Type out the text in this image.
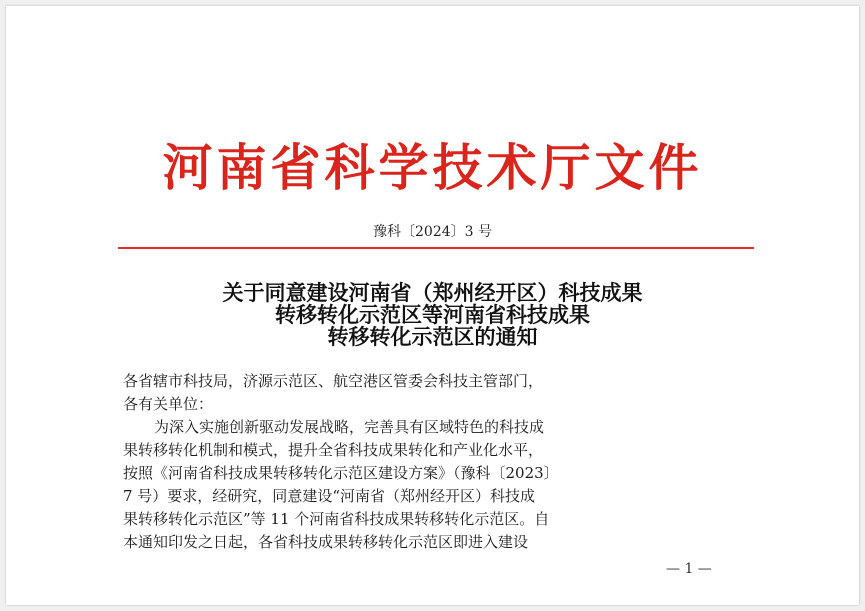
河南省科学技术厅文件
豫科〔2024〕3 号
关于同意建设河南省（郑州经开区）科技成果
转移转化示范区等河南省科技成果
转移转化示范区的通知
各省辖市科技局，济源示范区、航空港区管委会科技主管部门，
各有关单位：
为深入实施创新驱动发展战略，完善具有区域特色的科技成
果转移转化机制和模式，提升全省科技成果转化和产业化水平，
按照《河南省科技成果转移转化示范区建设方案》（豫科〔2023〕
7 号）要求，经研究，同意建设“河南省（郑州经开区）科技成
果转移转化示范区”等 11 个河南省科技成果转移转化示范区。自
本通知印发之日起，各省科技成果转移转化示范区即进入建设
— 1 —
